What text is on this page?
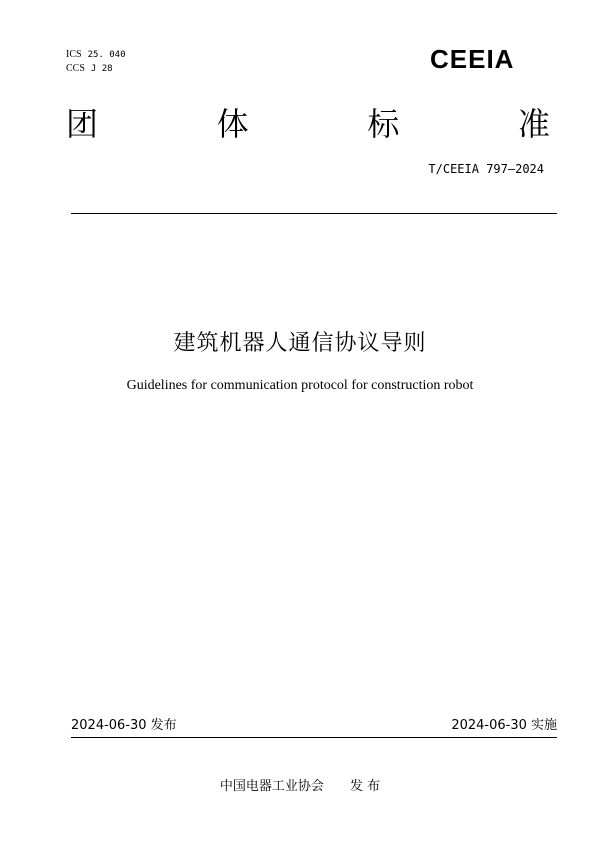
ICS 25. 040
CCS J 28	CEEIA
团	体	标	准
T/CEEIA 797—2024
建筑机器人通信协议导则
Guidelines for communication protocol for construction robot
2024-06-30 发布	2024-06-30 实施
中国电器工业协会 发 布
